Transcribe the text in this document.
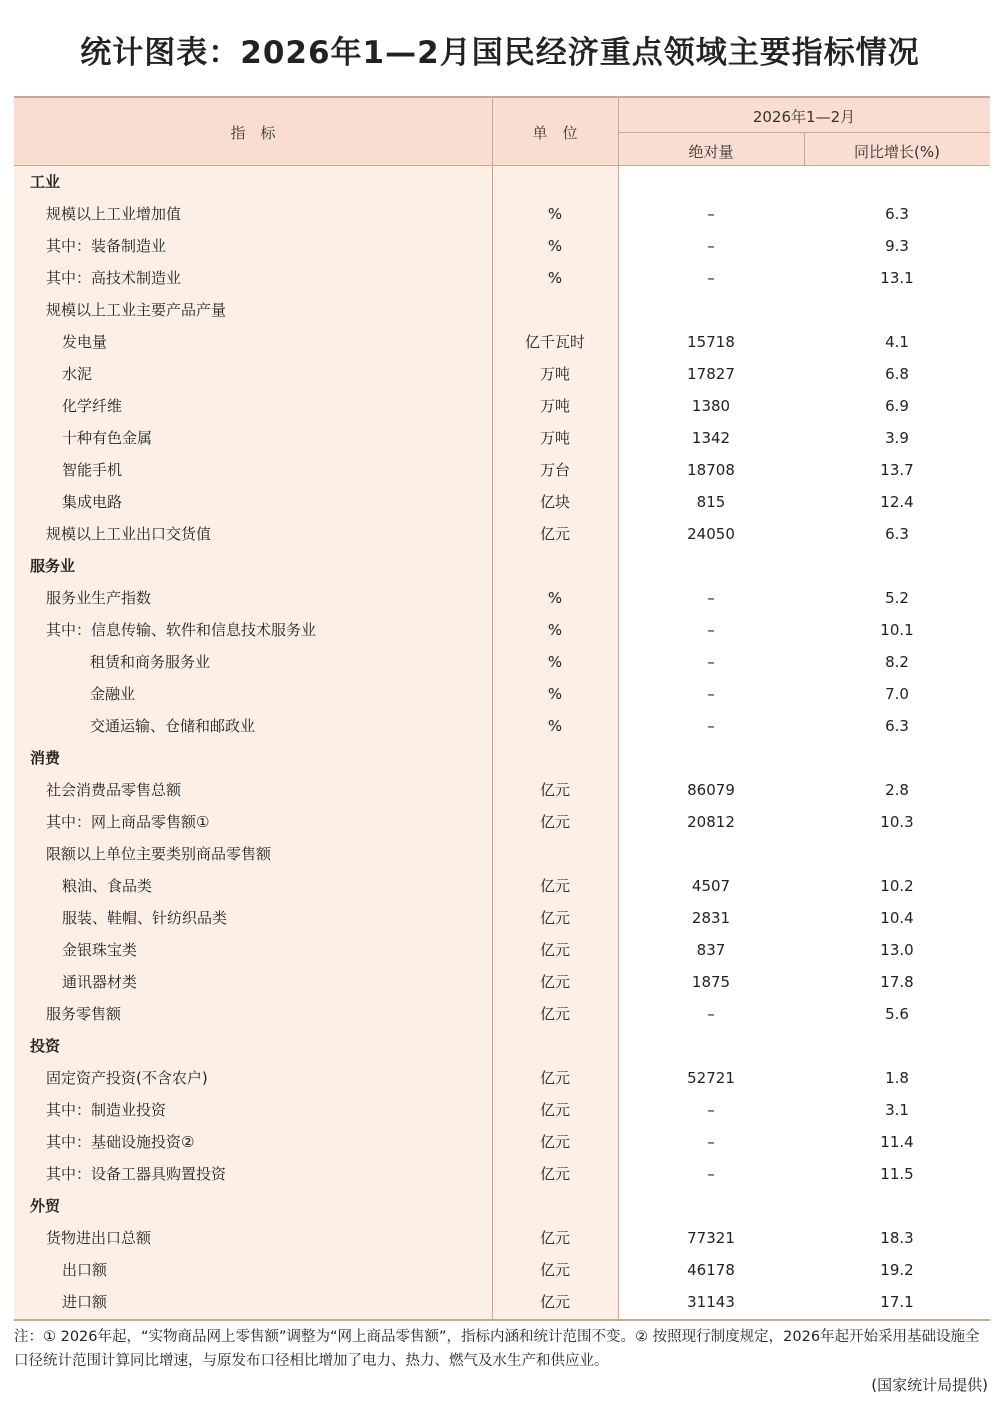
统计图表：2026年1—2月国民经济重点领域主要指标情况
指　标	单　位
2026年1—2月
绝对量	同比增长(%)
工业
规模以上工业增加值	%	–	6.3
其中：装备制造业	%	–	9.3
其中：高技术制造业	%	–	13.1
规模以上工业主要产品产量
发电量	亿千瓦时	15718	4.1
水泥	万吨	17827	6.8
化学纤维	万吨	1380	6.9
十种有色金属	万吨	1342	3.9
智能手机	万台	18708	13.7
集成电路	亿块	815	12.4
规模以上工业出口交货值	亿元	24050	6.3
服务业
服务业生产指数	%	–	5.2
其中：信息传输、软件和信息技术服务业	%	–	10.1
租赁和商务服务业	%	–	8.2
金融业	%	–	7.0
交通运输、仓储和邮政业	%	–	6.3
消费
社会消费品零售总额	亿元	86079	2.8
其中：网上商品零售额①	亿元	20812	10.3
限额以上单位主要类别商品零售额
粮油、食品类	亿元	4507	10.2
服装、鞋帽、针纺织品类	亿元	2831	10.4
金银珠宝类	亿元	837	13.0
通讯器材类	亿元	1875	17.8
服务零售额	亿元	–	5.6
投资
固定资产投资(不含农户)	亿元	52721	1.8
其中：制造业投资	亿元	–	3.1
其中：基础设施投资②	亿元	–	11.4
其中：设备工器具购置投资	亿元	–	11.5
外贸
货物进出口总额	亿元	77321	18.3
出口额	亿元	46178	19.2
进口额	亿元	31143	17.1
注：① 2026年起，“实物商品网上零售额”调整为“网上商品零售额”，指标内涵和统计范围不变。② 按照现行制度规定，2026年起开始采用基础设施全口径统计范围计算同比增速，与原发布口径相比增加了电力、热力、燃气及水生产和供应业。
(国家统计局提供)
